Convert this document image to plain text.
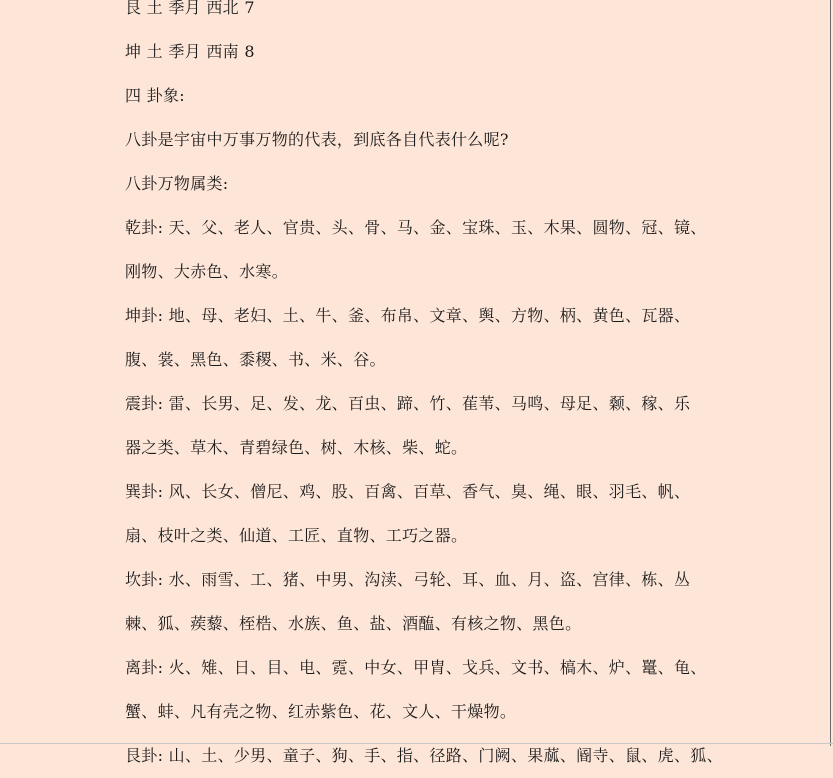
艮 土 季月 西北 7
坤 土 季月 西南 8
四 卦象:
八卦是宇宙中万事万物的代表，到底各自代表什么呢?
八卦万物属类:
乾卦: 天、父、老人、官贵、头、骨、马、金、宝珠、玉、木果、圆物、冠、镜、
刚物、大赤色、水寒。
坤卦: 地、母、老妇、土、牛、釜、布帛、文章、舆、方物、柄、黄色、瓦器、
腹、裳、黑色、黍稷、书、米、谷。
震卦: 雷、长男、足、发、龙、百虫、蹄、竹、萑苇、马鸣、母足、颡、稼、乐
器之类、草木、青碧绿色、树、木核、柴、蛇。
巽卦: 风、长女、僧尼、鸡、股、百禽、百草、香气、臭、绳、眼、羽毛、帆、
扇、枝叶之类、仙道、工匠、直物、工巧之器。
坎卦: 水、雨雪、工、猪、中男、沟渎、弓轮、耳、血、月、盗、宫律、栋、丛
棘、狐、蒺藜、桎梏、水族、鱼、盐、酒醢、有核之物、黑色。
离卦: 火、雉、日、目、电、霓、中女、甲胄、戈兵、文书、槁木、炉、鼍、龟、
蟹、蚌、凡有壳之物、红赤紫色、花、文人、干燥物。
艮卦: 山、土、少男、童子、狗、手、指、径路、门阙、果蓏、阍寺、鼠、虎、狐、
